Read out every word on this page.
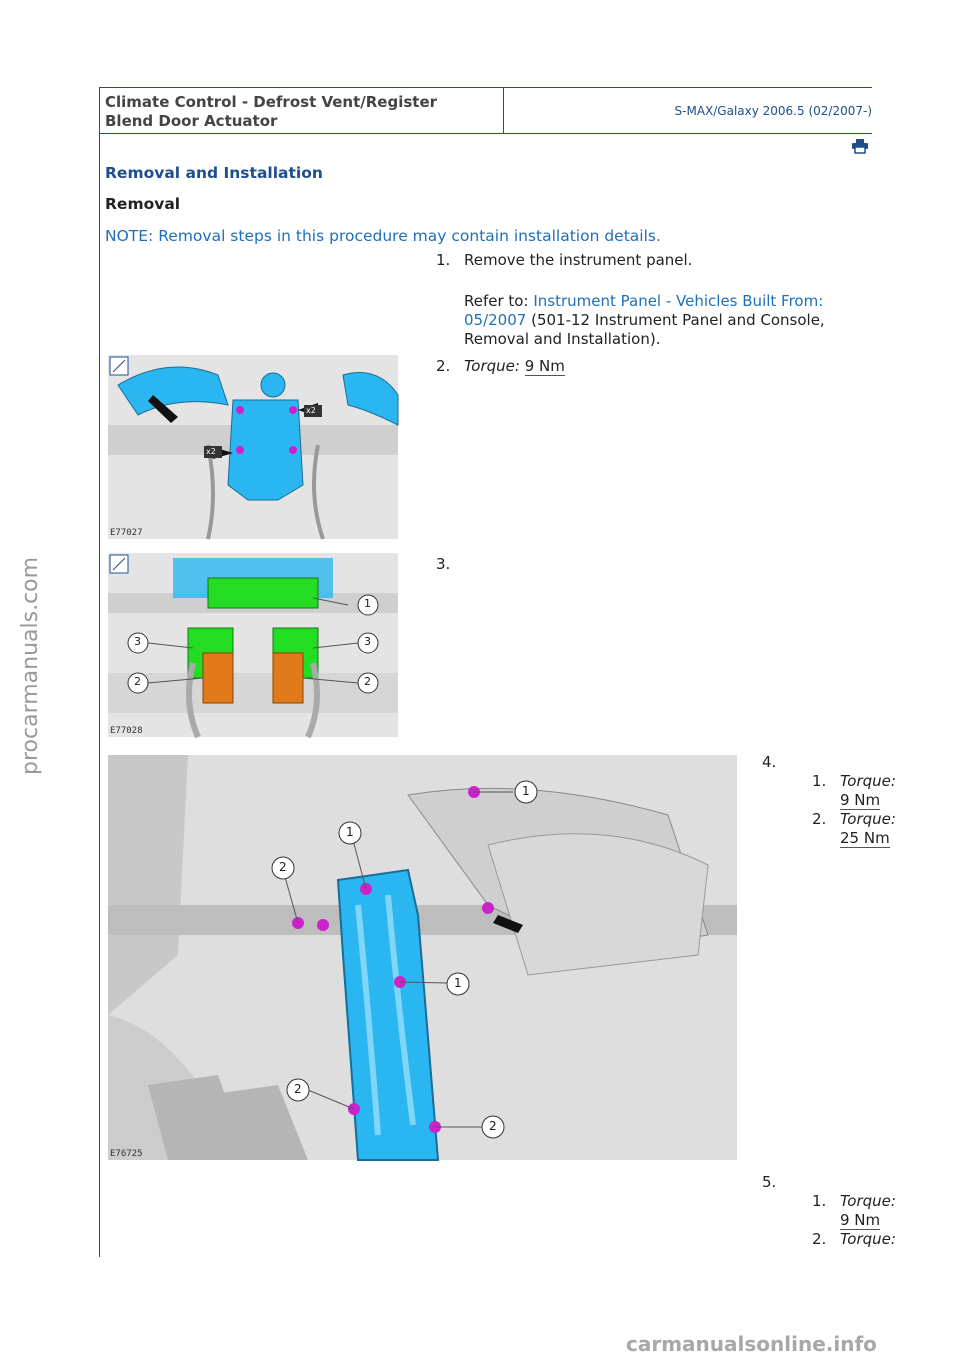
Climate Control - Defrost Vent/Register
Blend Door Actuator
S-MAX/Galaxy 2006.5 (02/2007-)
Removal and Installation
Removal
NOTE: Removal steps in this procedure may contain installation details.
1. Remove the instrument panel.
Refer to: Instrument Panel - Vehicles Built From:
05/2007 (501-12 Instrument Panel and Console,
Removal and Installation).
x2
x2
E77027
2. Torque: 9 Nm
1
3	3
2	2
E77028
3.
1
1
1
2
2
2
E76725
4.
1. Torque:
9 Nm
2. Torque:
25 Nm
5.
1. Torque:
9 Nm
2. Torque:
procarmanuals.com
carmanualsonline.info
